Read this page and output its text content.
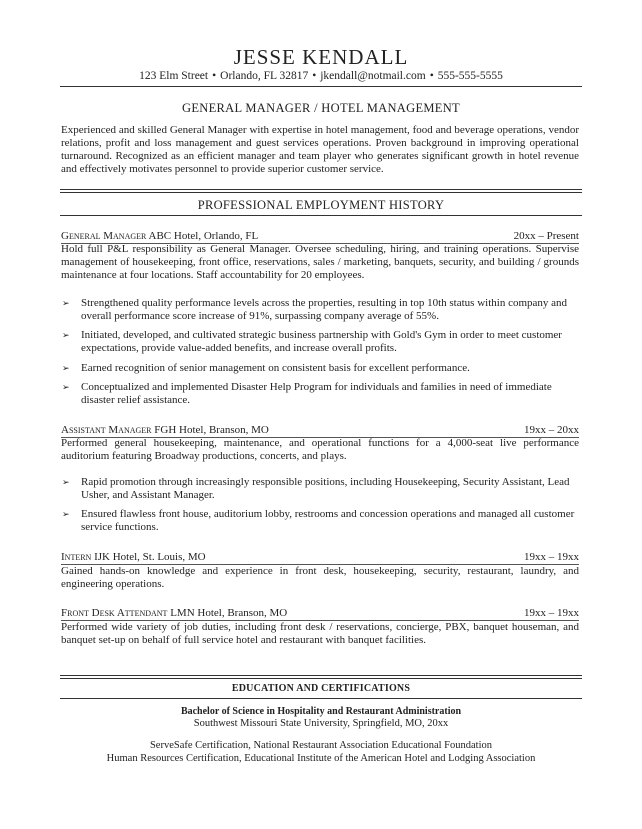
JESSE KENDALL
123 Elm Street • Orlando, FL 32817 • jkendall@notmail.com • 555-555-5555
GENERAL MANAGER / HOTEL MANAGEMENT
Experienced and skilled General Manager with expertise in hotel management, food and beverage operations, vendor relations, profit and loss management and guest services operations. Proven background in improving operational turnaround. Recognized as an efficient manager and team player who generates significant growth in hotel revenue and effectively motivates personnel to provide superior customer service.
PROFESSIONAL EMPLOYMENT HISTORY
General Manager ABC Hotel, Orlando, FL	20xx – Present
Hold full P&L responsibility as General Manager. Oversee scheduling, hiring, and training operations. Supervise management of housekeeping, front office, reservations, sales / marketing, banquets, security, and building / grounds maintenance at four locations. Staff accountability for 20 employees.
➢ Strengthened quality performance levels across the properties, resulting in top 10th status within company and overall performance score increase of 91%, surpassing company average of 55%.
➢ Initiated, developed, and cultivated strategic business partnership with Gold's Gym in order to meet customer expectations, provide value-added benefits, and increase overall profits.
➢ Earned recognition of senior management on consistent basis for excellent performance.
➢ Conceptualized and implemented Disaster Help Program for individuals and families in need of immediate disaster relief assistance.
Assistant Manager FGH Hotel, Branson, MO	19xx – 20xx
Performed general housekeeping, maintenance, and operational functions for a 4,000-seat live performance auditorium featuring Broadway productions, concerts, and plays.
➢ Rapid promotion through increasingly responsible positions, including Housekeeping, Security Assistant, Lead Usher, and Assistant Manager.
➢ Ensured flawless front house, auditorium lobby, restrooms and concession operations and managed all customer service functions.
Intern IJK Hotel, St. Louis, MO	19xx – 19xx
Gained hands-on knowledge and experience in front desk, housekeeping, security, restaurant, laundry, and engineering operations.
Front Desk Attendant LMN Hotel, Branson, MO	19xx – 19xx
Performed wide variety of job duties, including front desk / reservations, concierge, PBX, banquet houseman, and banquet set-up on behalf of full service hotel and restaurant with banquet facilities.
EDUCATION AND CERTIFICATIONS
Bachelor of Science in Hospitality and Restaurant Administration
Southwest Missouri State University, Springfield, MO, 20xx
ServeSafe Certification, National Restaurant Association Educational Foundation
Human Resources Certification, Educational Institute of the American Hotel and Lodging Association
